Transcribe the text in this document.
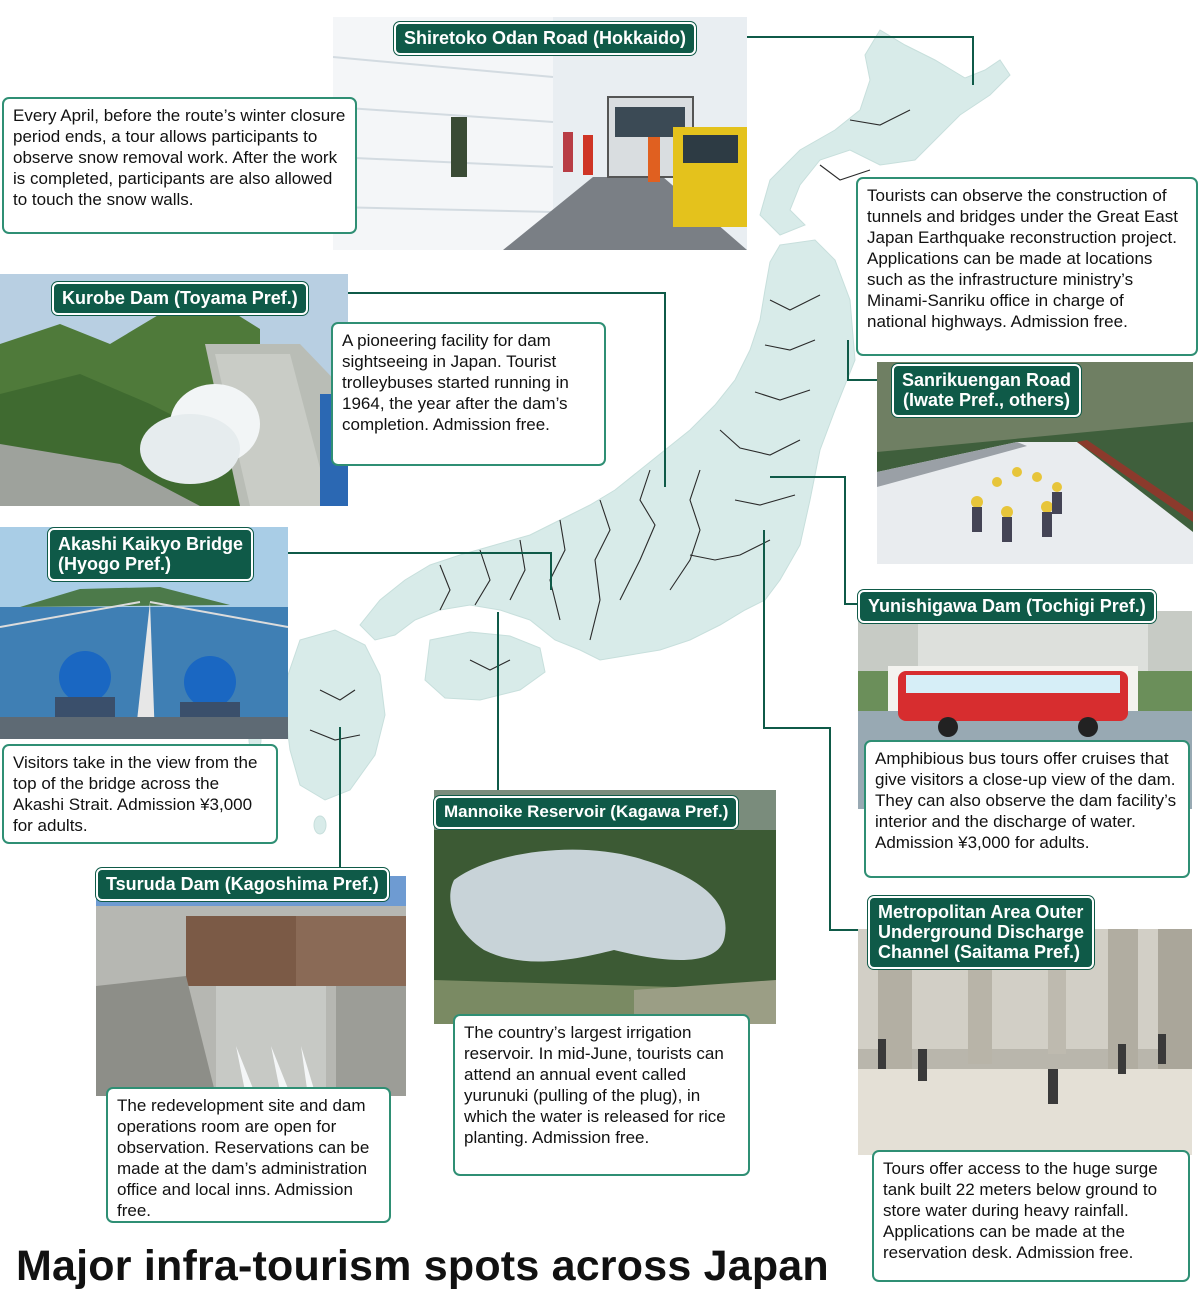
Shiretoko Odan Road (Hokkaido)
Kurobe Dam (Toyama Pref.)
Sanrikuengan Road
(Iwate Pref., others)
Akashi Kaikyo Bridge
(Hyogo Pref.)
Yunishigawa Dam (Tochigi Pref.)
Mannoike Reservoir (Kagawa Pref.)
Tsuruda Dam (Kagoshima Pref.)
Metropolitan Area Outer
Underground Discharge
Channel (Saitama Pref.)
Every April, before the route’s winter closure period ends, a tour allows participants to observe snow removal work. After the work is completed, participants are also allowed to touch the snow walls.
A pioneering facility for dam sightseeing in Japan. Tourist trolleybuses started running in 1964, the year after the dam’s completion. Admission free.
Tourists can observe the construction of tunnels and bridges under the Great East Japan Earthquake reconstruction project. Applications can be made at locations such as the infrastructure ministry’s Minami-Sanriku office in charge of national highways. Admission free.
Visitors take in the view from the top of the bridge across the Akashi Strait. Admission ¥3,000 for adults.
Amphibious bus tours offer cruises that give visitors a close-up view of the dam. They can also observe the dam facility’s interior and the discharge of water. Admission ¥3,000 for adults.
The country’s largest irrigation reservoir. In mid-June, tourists can attend an annual event called yurunuki (pulling of the plug), in which the water is released for rice planting. Admission free.
The redevelopment site and dam operations room are open for observation. Reservations can be made at the dam’s administration office and local inns. Admission free.
Tours offer access to the huge surge tank built 22 meters below ground to store water during heavy rainfall. Applications can be made at the reservation desk. Admission free.
Major infra-tourism spots across Japan
